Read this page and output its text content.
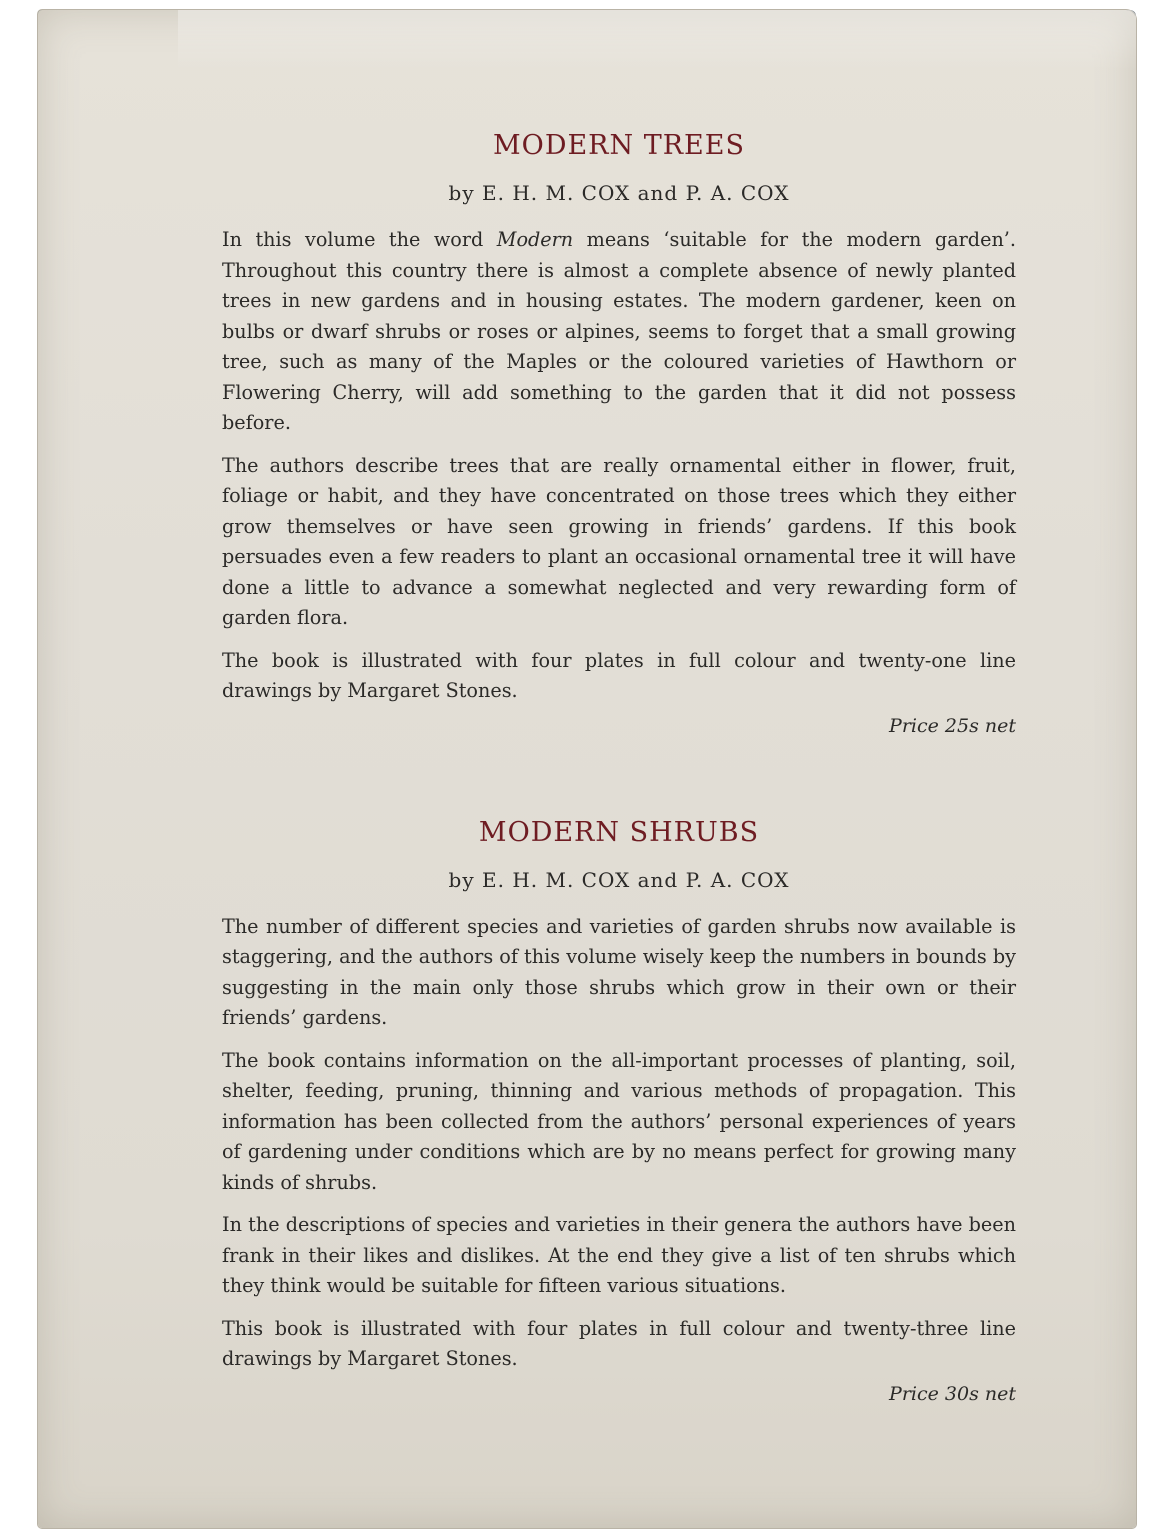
MODERN TREES
by E. H. M. COX and P. A. COX

In this volume the word Modern means ‘suitable for the modern garden’. Throughout this country there is almost a complete absence of newly planted trees in new gardens and in housing estates. The modern gardener, keen on bulbs or dwarf shrubs or roses or alpines, seems to forget that a small growing tree, such as many of the Maples or the coloured varieties of Hawthorn or Flowering Cherry, will add something to the garden that it did not possess before.

The authors describe trees that are really ornamental either in flower, fruit, foliage or habit, and they have concentrated on those trees which they either grow themselves or have seen growing in friends’ gardens. If this book persuades even a few readers to plant an occasional ornamental tree it will have done a little to advance a somewhat neglected and very rewarding form of garden flora.

The book is illustrated with four plates in full colour and twenty-one line drawings by Margaret Stones.

Price 25s net
MODERN SHRUBS
by E. H. M. COX and P. A. COX

The number of different species and varieties of garden shrubs now available is staggering, and the authors of this volume wisely keep the numbers in bounds by suggesting in the main only those shrubs which grow in their own or their friends’ gardens.

The book contains information on the all-important processes of planting, soil, shelter, feeding, pruning, thinning and various methods of propagation. This information has been collected from the authors’ personal experiences of years of gardening under conditions which are by no means perfect for growing many kinds of shrubs.

In the descriptions of species and varieties in their genera the authors have been frank in their likes and dislikes. At the end they give a list of ten shrubs which they think would be suitable for fifteen various situations.

This book is illustrated with four plates in full colour and twenty-three line drawings by Margaret Stones.

Price 30s net
